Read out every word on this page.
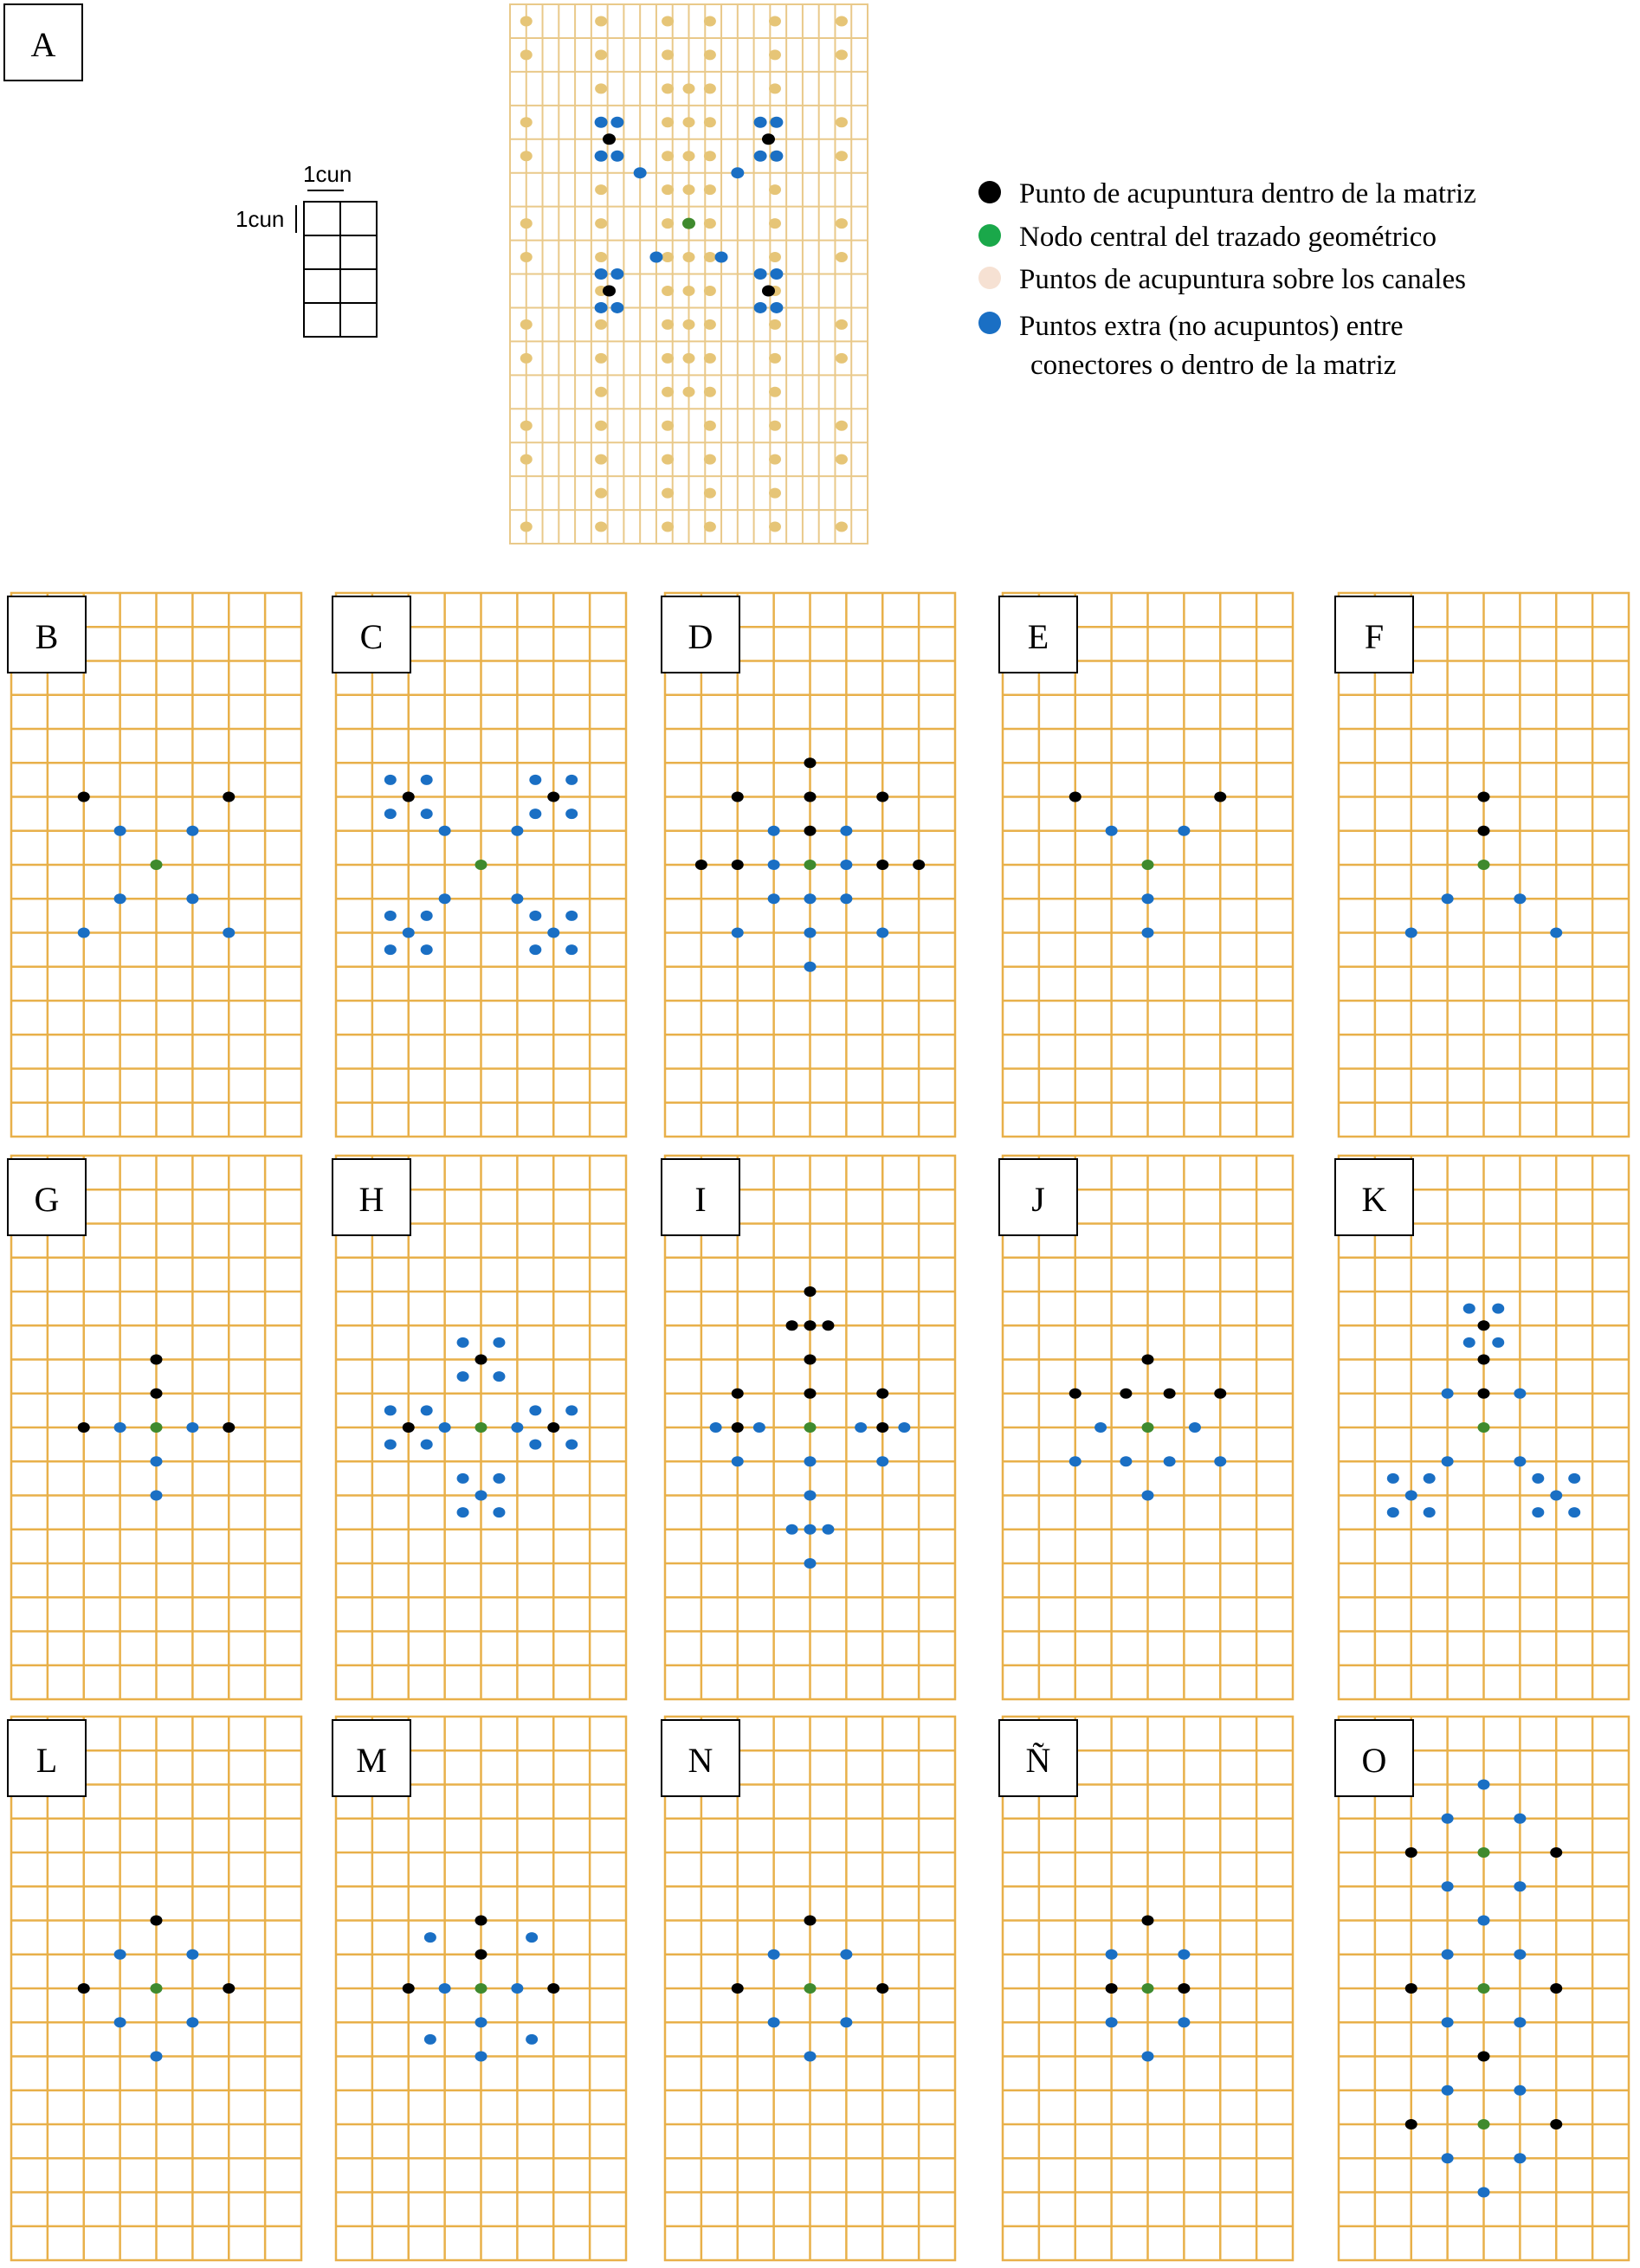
A
B	C	D	E	F
G	H	I	J	K
L	M	N	Ñ	O
1cun
1cun
Punto de acupuntura dentro de la matriz
Nodo central del trazado geométrico
Puntos de acupuntura sobre los canales
Puntos extra (no acupuntos) entre
conectores o dentro de la matriz
